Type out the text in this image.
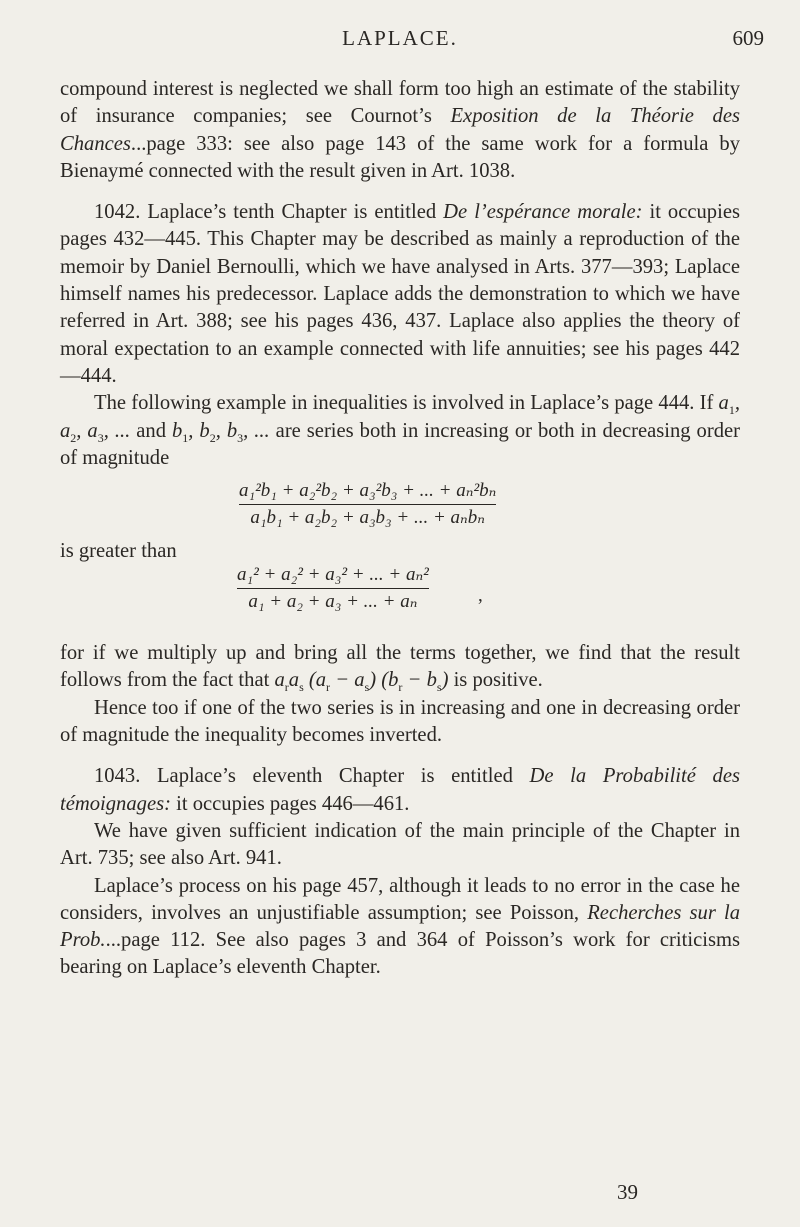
LAPLACE.	609

compound interest is neglected we shall form too high an estimate of the stability of insurance companies; see Cournot’s Exposition de la Théorie des Chances...page 333: see also page 143 of the same work for a formula by Bienaymé connected with the result given in Art. 1038.

1042. Laplace’s tenth Chapter is entitled De l’espérance morale: it occupies pages 432—445. This Chapter may be described as mainly a reproduction of the memoir by Daniel Bernoulli, which we have analysed in Arts. 377—393; Laplace himself names his predecessor. Laplace adds the demonstration to which we have referred in Art. 388; see his pages 436, 437. Laplace also applies the theory of moral expectation to an example connected with life annuities; see his pages 442—444.

The following example in inequalities is involved in Laplace’s page 444. If $a_1$, $a_2$, $a_3$, ... and $b_1$, $b_2$, $b_3$, ... are series both in increasing or both in decreasing order of magnitude

a₁²b₁ + a₂²b₂ + a₃²b₃ + ... + aₙ²bₙ
a₁b₁ + a₂b₂ + a₃b₃ + ... + aₙbₙ
is greater than
$\frac{\text{a₁² + a₂² + a₃² + ... + aₙ²}}{\text{a₁ + a₂ + a₃ + ... + aₙ}}$	,

for if we multiply up and bring all the terms together, we find that the result follows from the fact that $a_ra_s$ $(a_r - a_s) (b_r - b_s)$ is positive.

Hence too if one of the two series is in increasing and one in decreasing order of magnitude the inequality becomes inverted.

1043. Laplace’s eleventh Chapter is entitled De la Probabilité des témoignages: it occupies pages 446—461.

We have given sufficient indication of the main principle of the Chapter in Art. 735; see also Art. 941.

Laplace’s process on his page 457, although it leads to no error in the case he considers, involves an unjustifiable assumption; see Poisson, Recherches sur la Prob....page 112. See also pages 3 and 364 of Poisson’s work for criticisms bearing on Laplace’s eleventh Chapter.

39
